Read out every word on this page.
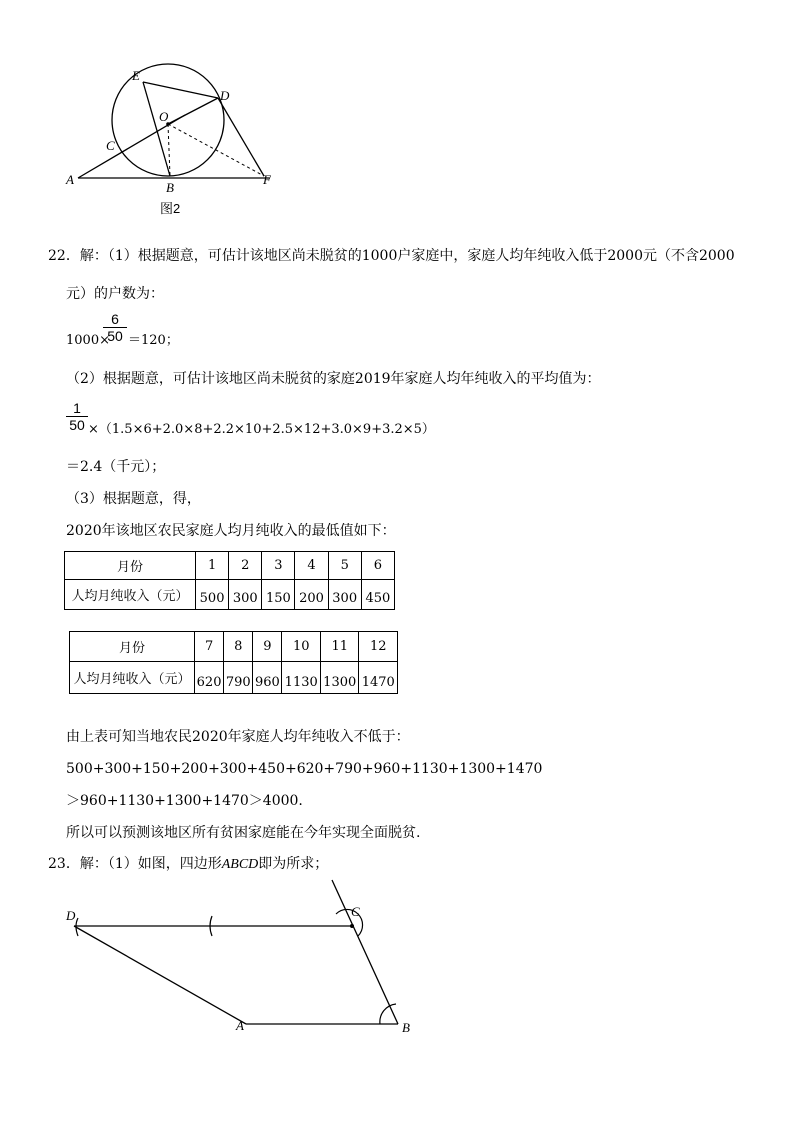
E
D
O
C
A
B
F
图2
22．解：（1）根据题意，可估计该地区尚未脱贫的1000户家庭中，家庭人均年纯收入低于2000元（不含2000
元）的户数为：
1000×
$\frac{6}{50} =120$；
（2）根据题意，可估计该地区尚未脱贫的家庭2019年家庭人均年纯收入的平均值为：
$\frac{1}{50} \times(1.5\times 6+2.0\times 8+2.2\times 10+2.5\times 12+3.0\times 9+3.2\times 5)$
＝2.4（千元）；
（3）根据题意，得，
2020年该地区农民家庭人均月纯收入的最低值如下：
月份	1	2	3	4	5	6
人均月纯收入（元）	500	300	150	200	300	450
月份	7	8	9	10	11	12
人均月纯收入（元）	620	790	960	1130	1300	1470
由上表可知当地农民2020年家庭人均年纯收入不低于：
500+300+150+200+300+450+620+790+960+1130+1300+1470
＞960+1130+1300+1470＞4000.
所以可以预测该地区所有贫困家庭能在今年实现全面脱贫.
23．解：（1）如图，四边形ABCD即为所求；
D	C
A	B
